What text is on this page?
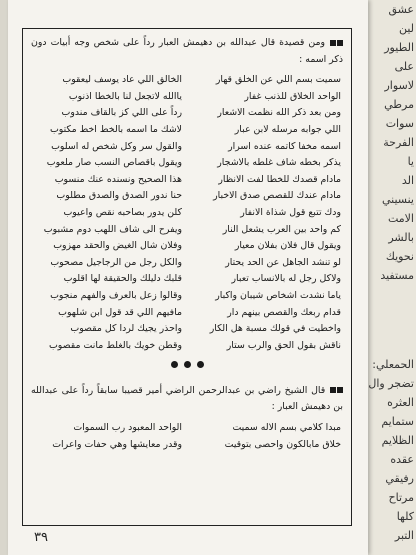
عشق
لين
الطيور
على
لاسوار
مرطي
سوات
الفرحة
يا
الد
ينسيني
الامت
بالشر
نحويك
مستفيد
الحمعلي:
تضجر وال
العثره
ستمايم
الظلايم
عقده
رفيقي
مرتاح
كلها
التبر
ومن قصيدة قال عبدالله بن دهيمش العبار رداً على شخص وجه أبيات دون ذكر اسمه :
سميت بسم اللي عن الخلق قهار
الخالق اللي عاد يوسف ليعقوب
الواحد الخلاق للذنب غفار
ياالله لاتجعل لنا بالخطا اذنوب
ومن بعد ذكر الله نظمت الاشعار
رداً على اللي كز بالقاف مندوب
اللي جوابه مرسله لابن عبار
لاشك ما اسمه بالخط اخط مكتوب
اسمه مخفا كاتمه عنده اسرار
والقول سر وكل شخص له اسلوب
يذكر بخطه شاف غلطه بالاشجار
ويقول باقصاص النسب صار ملعوب
مادام قصدك للخطا لفت الانظار
هذا الصحيح ونسنده عنك منسوب
مادام عندك للقصص صدق الاخبار
حنا ندور الصدق والصدق مطلوب
ودك تتبع قول شذاة الانفار
كلن يدور بصاحبه نقص واعيوب
كم واحد بين العرب يشعل النار
ويفرح الى شاف اللهب دوم مشبوب
ويقول قال فلان بفلان معيار
وفلان شال الغيض والحقد مهزوب
لو تنشد الجاهل عن الحد يحتار
والكل رجل من الرجاجيل مصحوب
ولاكل رجل له بالانساب تعبار
قلبك دليلك والحقيقة لها اقلوب
ياما نشدت اشخاص شيبان واكبار
وقالوا زعل بالعرف والفهم منجوب
قدام ربعك والقصص بينهم دار
مافيهم اللي قد قول ابن شلهوب
واخطيت في قولك مسبة هل الكار
واحذر يجيك لردا كل مقصوب
ناقش بقول الحق والرب ستار
وقطن خويك بالغلط مانت مقصوب
قال الشيخ راضي بن عبدالرحمن الراضي أمير قصيبا سابقاً رداً على عبدالله بن دهيمش العبار :
مبدا كلامي بسم الاله سميت
الواحد المعبود رب السموات
خلاق مابالكون واحصى بتوقيت
وقدر معايشها وهي حفات واعرات
٣٩
